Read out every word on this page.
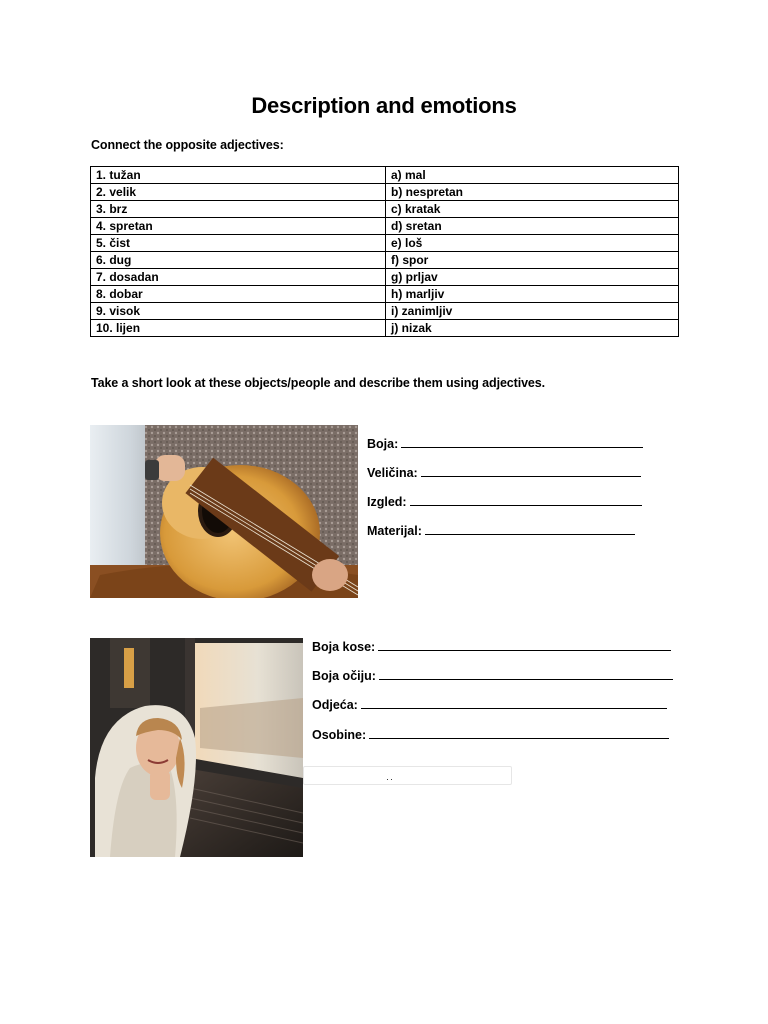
Description and emotions
Connect the opposite adjectives:
1. tužan	a) mal
2. velik	b) nespretan
3. brz	c) kratak
4. spretan	d) sretan
5. čist	e) loš
6. dug	f) spor
7. dosadan	g) prljav
8. dobar	h) marljiv
9. visok	i) zanimljiv
10. lijen	j) nizak
Take a short look at these objects/people and describe them using adjectives.
Boja:
Veličina:
Izgled:
Materijal:
Boja kose:
Boja očiju:
Odjeća:
Osobine:
··
